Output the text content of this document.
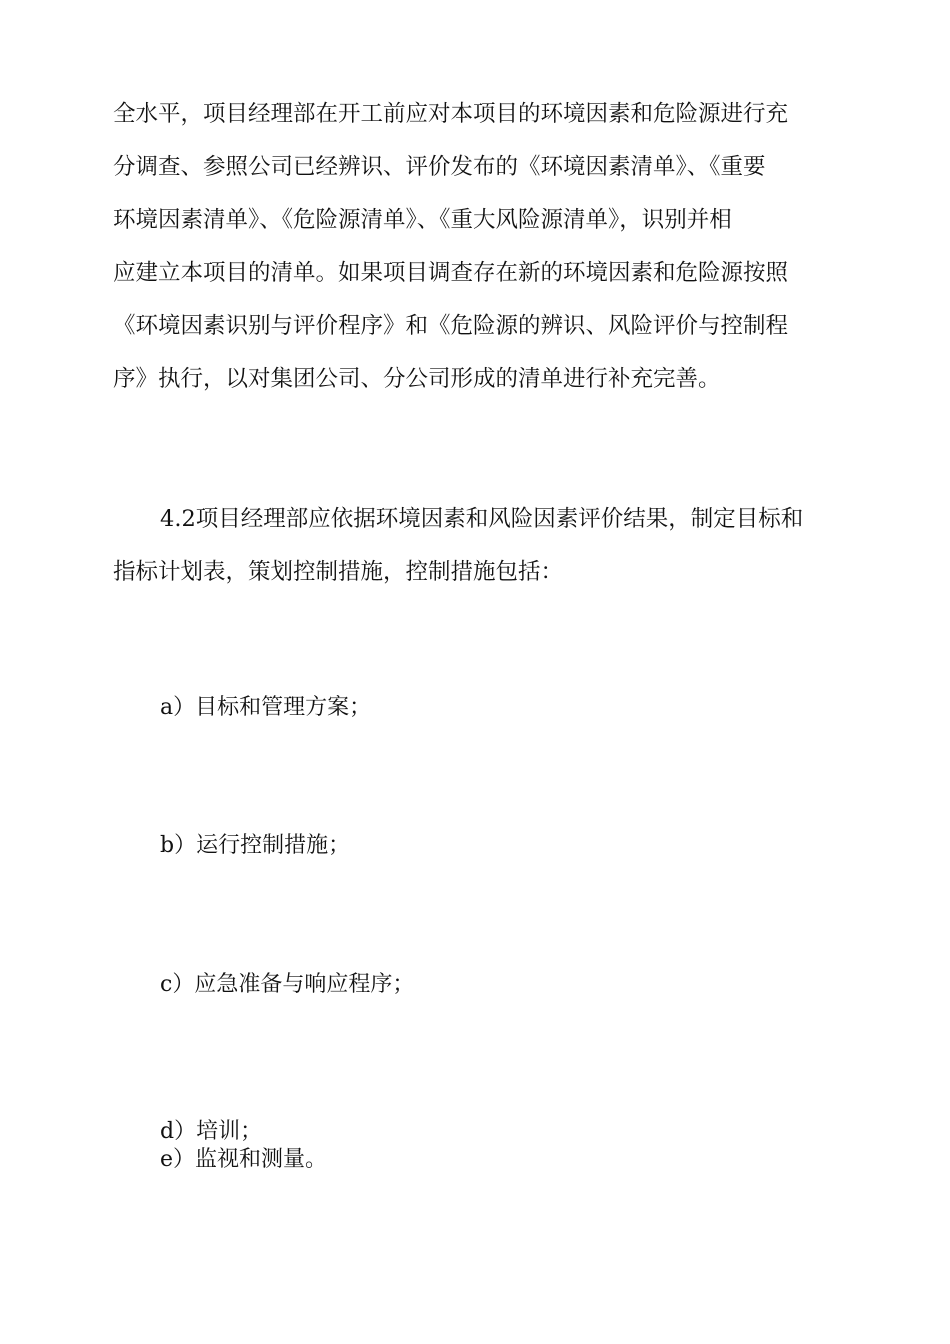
全水平，项目经理部在开工前应对本项目的环境因素和危险源进行充
分调查、参照公司已经辨识、评价发布的《环境因素清单》、《重要
环境因素清单》、《危险源清单》、《重大风险源清单》，识别并相
应建立本项目的清单。如果项目调查存在新的环境因素和危险源按照
《环境因素识别与评价程序》和《危险源的辨识、风险评价与控制程
序》执行，以对集团公司、分公司形成的清单进行补充完善。
4.2项目经理部应依据环境因素和风险因素评价结果，制定目标和
指标计划表，策划控制措施，控制措施包括：
a）目标和管理方案；
b）运行控制措施；
c）应急准备与响应程序；
d）培训；
e）监视和测量。
